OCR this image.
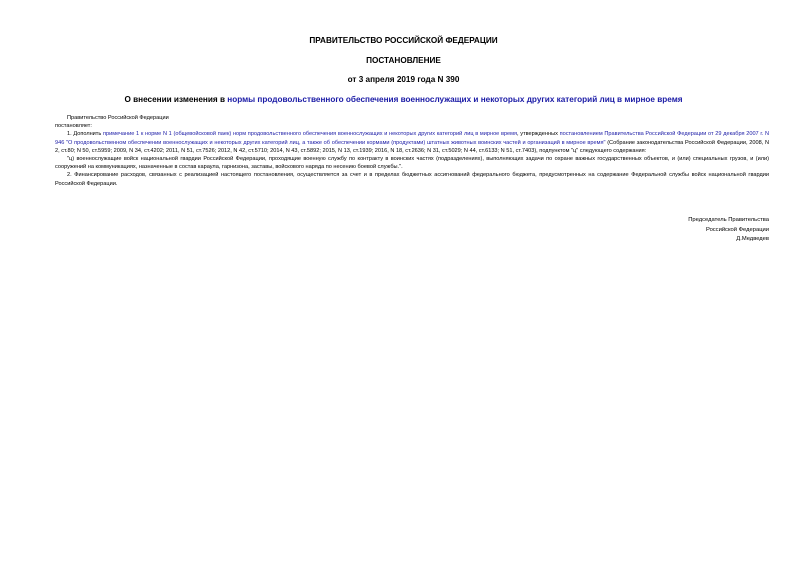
ПРАВИТЕЛЬСТВО РОССИЙСКОЙ ФЕДЕРАЦИИ
ПОСТАНОВЛЕНИЕ
от 3 апреля 2019 года N 390
О внесении изменения в нормы продовольственного обеспечения военнослужащих и некоторых других категорий лиц в мирное время

Правительство Российской Федерации

постановляет:

1. Дополнить примечание 1 к норме N 1 (общевойсковой паек) норм продовольственного обеспечения военнослужащих и некоторых других категорий лиц в мирное время, утвержденных постановлением Правительства Российской Федерации от 29 декабря 2007 г. N 946 "О продовольственном обеспечении военнослужащих и некоторых других категорий лиц, а также об обеспечении кормами (продуктами) штатных животных воинских частей и организаций в мирное время" (Собрание законодательства Российской Федерации, 2008, N 2, ст.80; N 50, ст.5959; 2009, N 34, ст.4202; 2011, N 51, ст.7526; 2012, N 42, ст.5710; 2014, N 43, ст.5892; 2015, N 13, ст.1939; 2016, N 18, ст.2636; N 31, ст.5029; N 44, ст.6133; N 51, ст.7403), подпунктом "ц" следующего содержания:

"ц) военнослужащие войск национальной гвардии Российской Федерации, проходящие военную службу по контракту в воинских частях (подразделениях), выполняющих задачи по охране важных государственных объектов, и (или) специальных грузов, и (или) сооружений на коммуникациях, назначенные в состав караула, гарнизона, заставы, войскового наряда по несению боевой службы.".

2. Финансирование расходов, связанных с реализацией настоящего постановления, осуществляется за счет и в пределах бюджетных ассигнований федерального бюджета, предусмотренных на содержание Федеральной службы войск национальной гвардии Российской Федерации.

Председатель Правительства
Российской Федерации
Д.Медведев
